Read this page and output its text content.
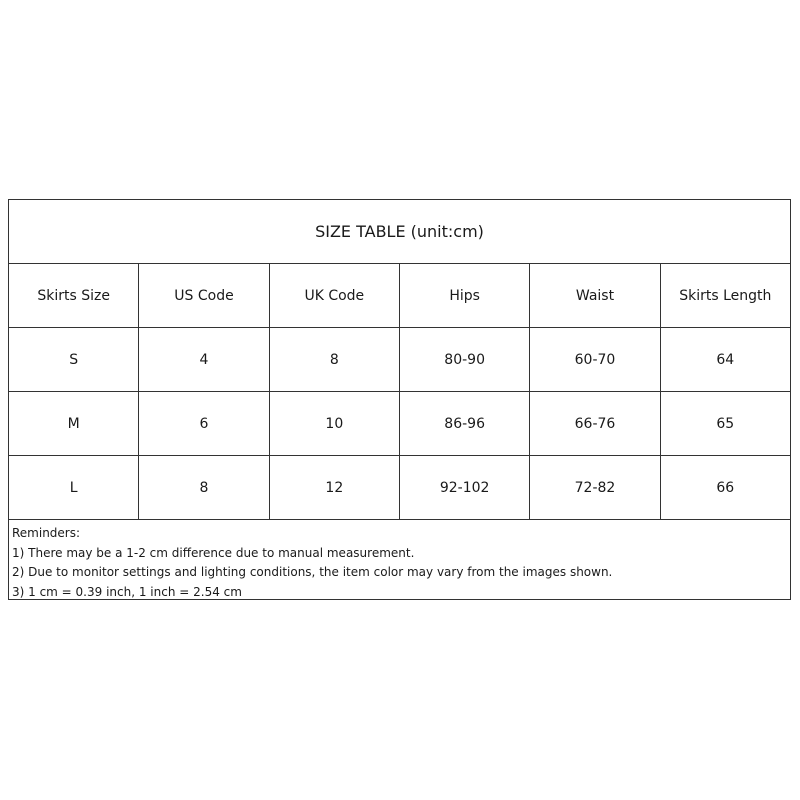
SIZE TABLE (unit:cm)
Skirts Size	US Code	UK Code	Hips	Waist	Skirts Length
S	4	8	80-90	60-70	64
M	6	10	86-96	66-76	65
L	8	12	92-102	72-82	66
Reminders:
1) There may be a 1-2 cm difference due to manual measurement.
2) Due to monitor settings and lighting conditions, the item color may vary from the images shown.
3) 1 cm = 0.39 inch, 1 inch = 2.54 cm
